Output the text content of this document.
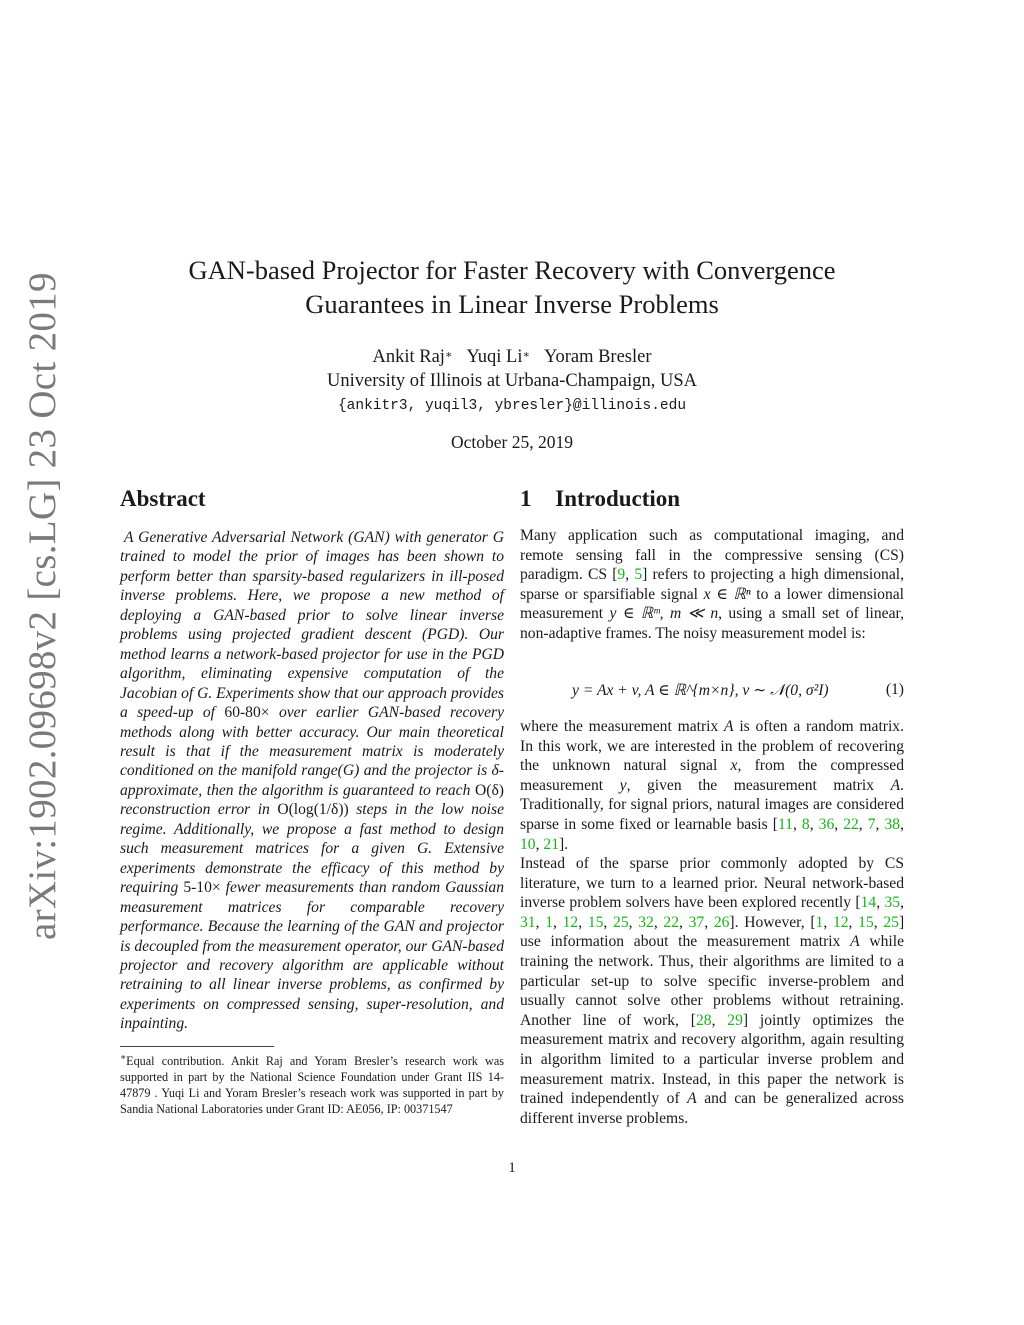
arXiv:1902.09698v2 [cs.LG] 23 Oct 2019
GAN-based Projector for Faster Recovery with Convergence
Guarantees in Linear Inverse Problems
Ankit Raj∗ Yuqi Li∗ Yoram Bresler
University of Illinois at Urbana-Champaign, USA
{ankitr3, yuqil3, ybresler}@illinois.edu
October 25, 2019
Abstract	1 Introduction
A Generative Adversarial Network (GAN) with generator G trained to model the prior of images has been shown to perform better than sparsity-based regularizers in ill-posed inverse problems. Here, we propose a new method of deploying a GAN-based prior to solve linear inverse problems using projected gradient descent (PGD). Our method learns a network-based projector for use in the PGD algorithm, eliminating expensive computation of the Jacobian of G. Experiments show that our approach provides a speed-up of 60-80× over earlier GAN-based recovery methods along with better accuracy. Our main theoretical result is that if the measurement matrix is moderately conditioned on the manifold range(G) and the projector is δ-approximate, then the algorithm is guaranteed to reach O(δ) reconstruction error in O(log(1/δ)) steps in the low noise regime. Additionally, we propose a fast method to design such measurement matrices for a given G. Extensive experiments demonstrate the efficacy of this method by requiring 5-10× fewer measurements than random Gaussian measurement matrices for comparable recovery performance. Because the learning of the GAN and projector is decoupled from the measurement operator, our GAN-based projector and recovery algorithm are applicable without retraining to all linear inverse problems, as confirmed by experiments on compressed sensing, super-resolution, and inpainting.
∗Equal contribution. Ankit Raj and Yoram Bresler’s research work was supported in part by the National Science Foundation under Grant IIS 14-47879 . Yuqi Li and Yoram Bresler’s reseach work was supported in part by Sandia National Laboratories under Grant ID: AE056, IP: 00371547
Many application such as computational imaging, and remote sensing fall in the compressive sensing (CS) paradigm. CS [9, 5] refers to projecting a high dimensional, sparse or sparsifiable signal x ∈ ℝⁿ to a lower dimensional measurement y ∈ ℝᵐ, m ≪ n, using a small set of linear, non-adaptive frames. The noisy measurement model is:
y = Ax + v, A ∈ ℝ^{m×n}, v ∼ 𝒩(0, σ²I)	(1)
where the measurement matrix A is often a random matrix. In this work, we are interested in the problem of recovering the unknown natural signal x, from the compressed measurement y, given the measurement matrix A. Traditionally, for signal priors, natural images are considered sparse in some fixed or learnable basis [11, 8, 36, 22, 7, 38, 10, 21].
Instead of the sparse prior commonly adopted by CS literature, we turn to a learned prior. Neural network-based inverse problem solvers have been explored recently [14, 35, 31, 1, 12, 15, 25, 32, 22, 37, 26]. However, [1, 12, 15, 25] use information about the measurement matrix A while training the network. Thus, their algorithms are limited to a particular set-up to solve specific inverse-problem and usually cannot solve other problems without retraining. Another line of work, [28, 29] jointly optimizes the measurement matrix and recovery algorithm, again resulting in algorithm limited to a particular inverse problem and measurement matrix. Instead, in this paper the network is trained independently of A and can be generalized across different inverse problems.
1
